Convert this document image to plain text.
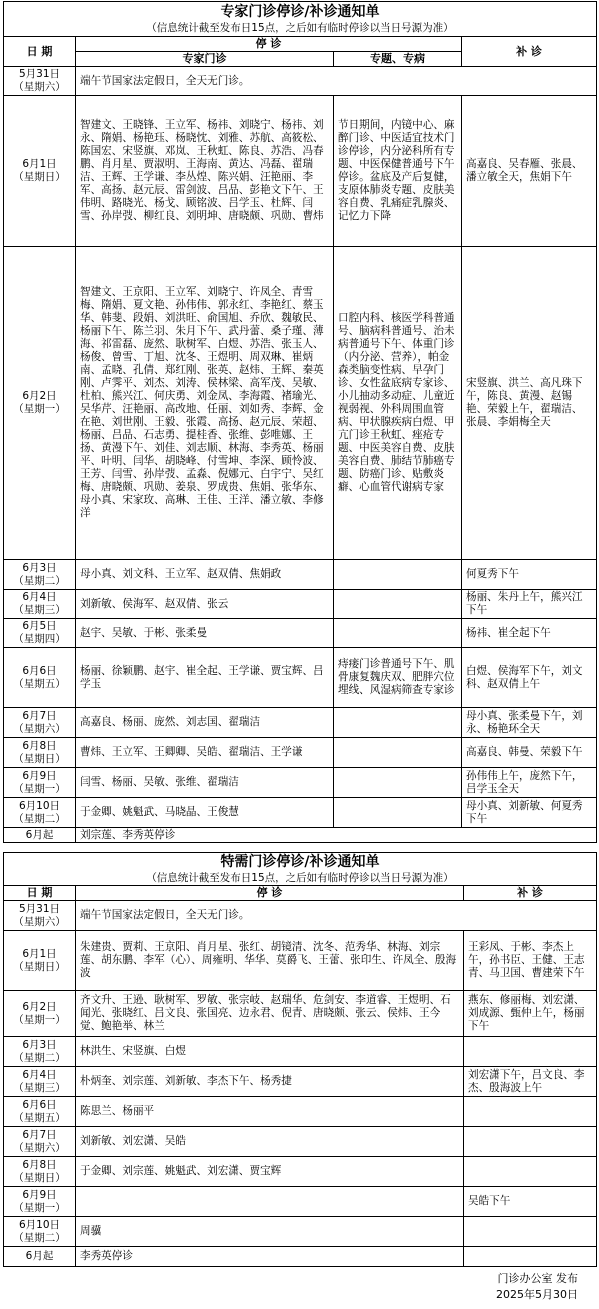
专家门诊停诊/补诊通知单
（信息统计截至发布日15点，之后如有临时停诊以当日号源为准）			

日 期	停 诊		补 诊
	专家门诊	专题、专病	
5月31日
（星期六）	端午节国家法定假日，全天无门诊。		
6月1日
（星期日）	智建文、王晓锋、王立军、杨祎、刘晓宁、杨祎、刘永、隋娟、杨艳珏、杨晓忱、刘雅、苏航、高筱松、陈国宏、宋竖旗、邓岚、王秋虹、陈良、苏浩、冯春鹏、肖月星、贾淑明、王海南、黄达、冯磊、翟瑞洁、王辉、王学谦、李丛煌、陈兴娟、汪艳丽、李军、高扬、赵元辰、雷剑波、吕品、彭艳文下午、王伟明、路晓光、杨戈、顾铭波、吕学玉、杜辉、闫雪、孙岸弢、柳红良、刘明坤、唐晓颇、巩勋、曹炜	节日期间，内镜中心、麻醉门诊、中医适宜技术门诊停诊，内分泌科所有专题、中医保健普通号下午停诊。盆底及产后复健，支原体肺炎专题、皮肤美容自费、乳痛症乳腺炎、记忆力下降	高嘉良、吴春雁、张晨、潘立敏全天，焦娟下午
6月2日
（星期一）	智建文、王京阳、王立军、刘晓宁、许凤全、青雪梅、隋娟、夏文艳、孙伟伟、郭永红、李艳红、蔡玉华、韩斐、段娟、刘洪旺、俞国旭、乔欣、魏敏民、杨丽下午、陈兰羽、朱月下午、武丹蕾、桑子瑾、薄海、祁雷磊、庞然、耿树军、白煜、苏浩、张玉人、杨俊、曾雪、丁旭、沈冬、王煜明、周双琳、崔炳南、孟晓、孔倩、郑红刚、张英、赵炜、王辉、秦英刚、卢霁平、刘杰、刘涛、侯林梁、高军茂、吴敏、杜柏、熊兴江、何庆勇、刘金凤、李海霞、褚瑜光、吴华芹、汪艳丽、高改地、任丽、刘如秀、李辉、金在艳、刘世刚、王毅、张霞、高扬、赵元辰、荣超、杨丽、吕品、石志勇、提桂香、张维、彭唯娜、王扬、黄漫下午、刘佳、刘志顺、林海、李秀英、杨丽平、叶明、闫华、胡晓峰、付雪坤、李深、顾怜波、王芳、闫雪、孙岸弢、孟淼、倪娜元、白宇宁、吴红梅、唐晓颇、巩勋、姜泉、罗成贵、焦娟、张华东、母小真、宋家玫、高琳、王佳、王洋、潘立敏、李修洋	口腔内科、核医学科普通号、脑病科普通号、治未病普通号下午、体重门诊（内分泌、营养），帕金森类脑变性病、早孕门诊、女性盆底病专家诊、小儿抽动多动症、儿童近视弱视、外科周围血管病、甲状腺疾病白煜、甲亢门诊王秋虹、痤疮专题、中医美容自费、皮肤美容自费、肺结节肺癌专题、防癌门诊、贴敷炎癖、心血管代谢病专家	宋竖旗、洪兰、高凡珠下午，陈良、黄漫、赵锡艳、荣毅上午，翟瑞洁、张晨、李娟梅全天
6月3日
（星期二）	母小真、刘文科、王立军、赵双倩、焦娟政		何夏秀下午
6月4日
（星期三）	刘新敏、侯海军、赵双倩、张云		杨丽、朱丹上午，熊兴江下午
6月5日
（星期四）	赵宇、吴敏、于彬、张柔曼		杨祎、崔全起下午
6月6日
（星期五）	杨丽、徐颖鹏、赵宇、崔全起、王学谦、贾宝辉、吕学玉	痔瘘门诊普通号下午、肌骨康复魏庆双、肥胖穴位埋线、风湿病筛查专家诊	白煜、侯海军下午，刘文科、赵双倩上午
6月7日
（星期六）	高嘉良、杨丽、庞然、刘志国、翟瑞洁		母小真、张柔曼下午，刘永、杨艳环全天
6月8日
（星期日）	曹炜、王立军、王卿卿、吴皓、翟瑞洁、王学谦		高嘉良、韩曼、荣毅下午
6月9日
（星期一）	闫雪、杨丽、吴敏、张维、翟瑞洁		孙伟伟上午，庞然下午，吕学玉全天
6月10日
（星期二）	于金卿、姚魁武、马晓晶、王俊慧		母小真、刘新敏、何夏秀下午
6月起	刘宗莲、李秀英停诊		
特需门诊停诊/补诊通知单
（信息统计截至发布日15点，之后如有临时停诊以当日号源为准）		

日 期	停 诊	补 诊
5月31日
（星期六）	端午节国家法定假日，全天无门诊。	
6月1日
（星期日）	朱建贵、贾莉、王京阳、肖月星、张红、胡镜清、沈冬、范秀华、林海、刘宗莲、胡东鹏、李军（心）、周雍明、华华、莫爵飞、王蕾、张印生、许凤全、殷海波	王彩凤、于彬、李杰上午，孙书臣、王健、王志青、马卫国、曹建荣下午
6月2日
（星期一）	齐文升、王逊、耿树军、罗敏、张宗岐、赵瑞华、危剑安、李道睿、王煜明、石闻光、张晓红、吕文良、张国亮、边永君、倪青、唐晓颇、张云、侯炜、王今觉、鲍艳举、林兰	燕东、修丽梅、刘宏潇、刘成源、甄仲上午，杨丽下午
6月3日
（星期二）	林洪生、宋竖旗、白煜	
6月4日
（星期三）	朴炳奎、刘宗莲、刘新敏、李杰下午、杨秀捷	刘宏潇下午，吕文良、李杰、殷海波上午
6月6日
（星期五）	陈思兰、杨丽平	
6月7日
（星期六）	刘新敏、刘宏潇、吴皓	
6月8日
（星期日）	于金卿、刘宗莲、姚魁武、刘宏潇、贾宝辉	
6月9日
（星期一）		吴皓下午
6月10日
（星期二）	周骥	
6月起	李秀英停诊	
门诊办公室 发布
2025年5月30日
